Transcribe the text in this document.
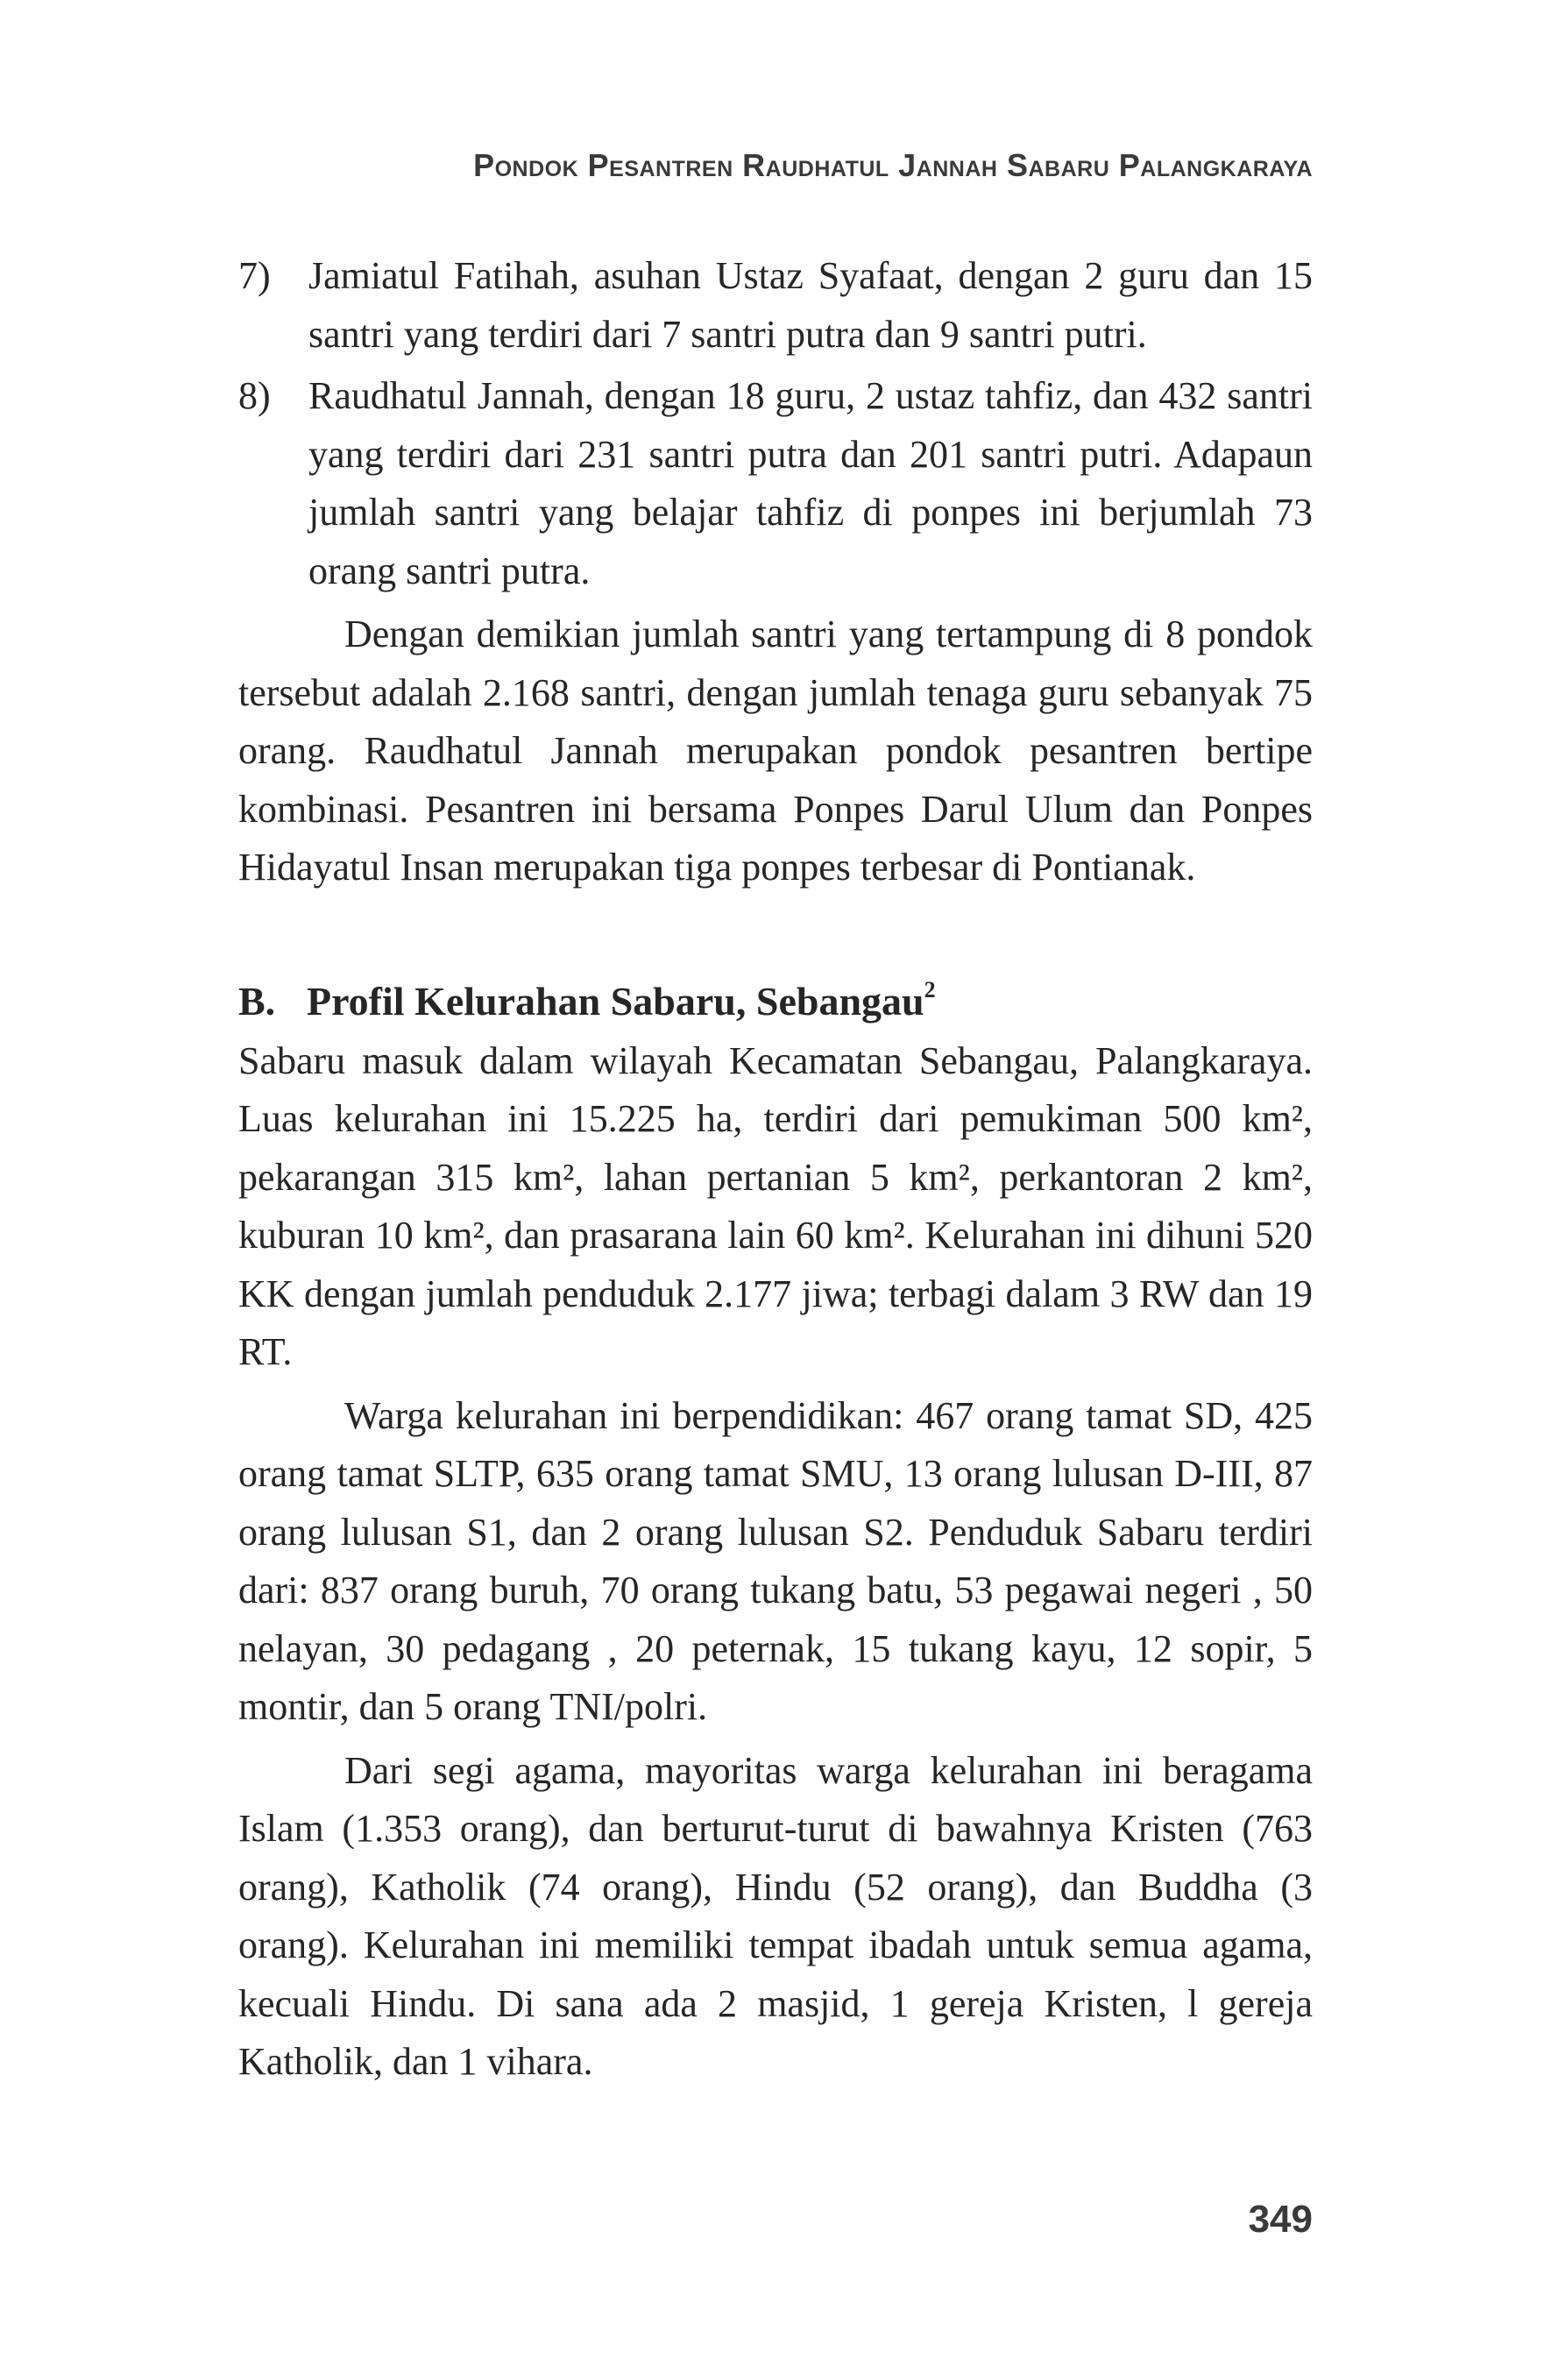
Pondok Pesantren Raudhatul Jannah Sabaru Palangkaraya
7) Jamiatul Fatihah, asuhan Ustaz Syafaat, dengan 2 guru dan 15 santri yang terdiri dari 7 santri putra dan 9 santri putri.
8) Raudhatul Jannah, dengan 18 guru, 2 ustaz tahfiz, dan 432 santri yang terdiri dari 231 santri putra dan 201 santri putri. Adapaun jumlah santri yang belajar tahfiz di ponpes ini berjumlah 73 orang santri putra.

Dengan demikian jumlah santri yang tertampung di 8 pondok tersebut adalah 2.168 santri, dengan jumlah tenaga guru sebanyak 75 orang. Raudhatul Jannah merupakan pondok pesantren bertipe kombinasi. Pesantren ini bersama Ponpes Darul Ulum dan Ponpes Hidayatul Insan merupakan tiga ponpes terbesar di Pontianak.

B. Profil Kelurahan Sabaru, Sebangau$^2$

Sabaru masuk dalam wilayah Kecamatan Sebangau, Palangkaraya. Luas kelurahan ini 15.225 ha, terdiri dari pemukiman 500 km², pekarangan 315 km², lahan pertanian 5 km², perkantoran 2 km², kuburan 10 km², dan prasarana lain 60 km². Kelurahan ini dihuni 520 KK dengan jumlah penduduk 2.177 jiwa; terbagi dalam 3 RW dan 19 RT.

Warga kelurahan ini berpendidikan: 467 orang tamat SD, 425 orang tamat SLTP, 635 orang tamat SMU, 13 orang lulusan D-III, 87 orang lulusan S1, dan 2 orang lulusan S2. Penduduk Sabaru terdiri dari: 837 orang buruh, 70 orang tukang batu, 53 pegawai negeri , 50 nelayan, 30 pedagang , 20 peternak, 15 tukang kayu, 12 sopir, 5 montir, dan 5 orang TNI/polri.

Dari segi agama, mayoritas warga kelurahan ini beragama Islam (1.353 orang), dan berturut-turut di bawahnya Kristen (763 orang), Katholik (74 orang), Hindu (52 orang), dan Buddha (3 orang). Kelurahan ini memiliki tempat ibadah untuk semua agama, kecuali Hindu. Di sana ada 2 masjid, 1 gereja Kristen, l gereja Katholik, dan 1 vihara.

349
